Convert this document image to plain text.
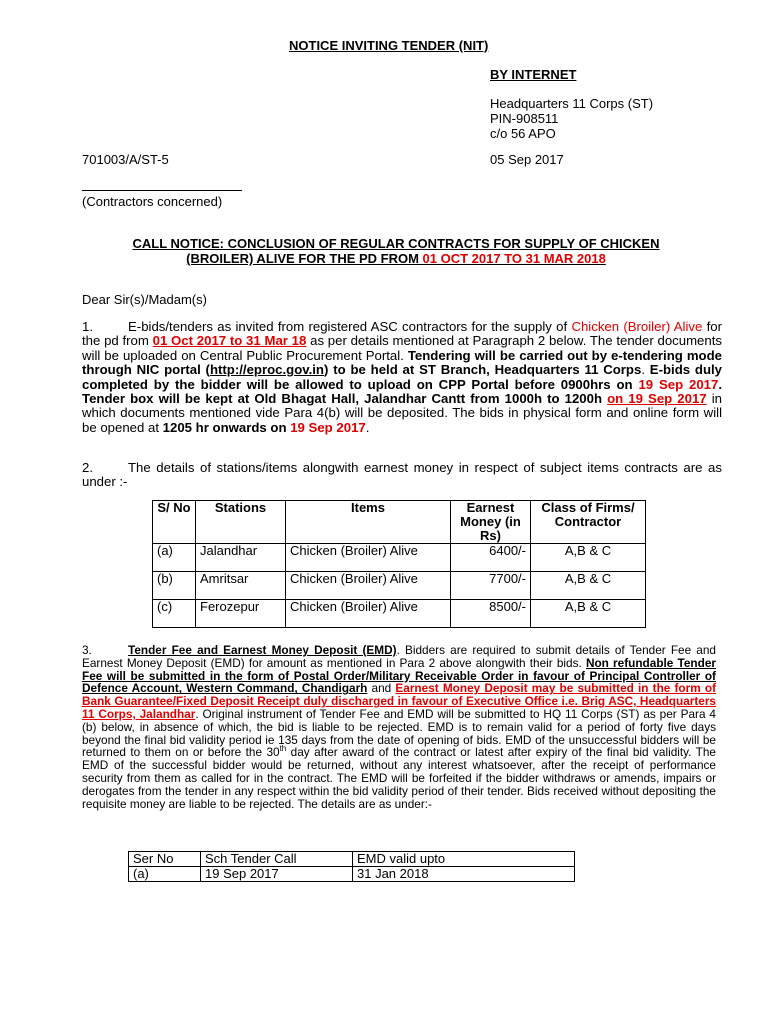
NOTICE INVITING TENDER (NIT)
BY INTERNET
Headquarters 11 Corps (ST)
PIN-908511
c/o 56 APO
701003/A/ST-5	05 Sep 2017
(Contractors concerned)
CALL NOTICE: CONCLUSION OF REGULAR CONTRACTS FOR SUPPLY OF CHICKEN
(BROILER) ALIVE FOR THE PD FROM 01 OCT 2017 TO 31 MAR 2018
Dear Sir(s)/Madam(s)
1.	E-bids/tenders as invited from registered ASC contractors for the supply of Chicken (Broiler) Alive for the pd from 01 Oct 2017 to 31 Mar 18 as per details mentioned at Paragraph 2 below. The tender documents will be uploaded on Central Public Procurement Portal. Tendering will be carried out by e-tendering mode through NIC portal (http://eproc.gov.in) to be held at ST Branch, Headquarters 11 Corps. E-bids duly completed by the bidder will be allowed to upload on CPP Portal before 0900hrs on 19 Sep 2017. Tender box will be kept at Old Bhagat Hall, Jalandhar Cantt from 1000h to 1200h on 19 Sep 2017 in which documents mentioned vide Para 4(b) will be deposited. The bids in physical form and online form will be opened at 1205 hr onwards on 19 Sep 2017.
2.	The details of stations/items alongwith earnest money in respect of subject items contracts are as under :-
S/ No	Stations	Items	Earnest Money (in Rs)	Class of Firms/ Contractor
(a)	Jalandhar	Chicken (Broiler) Alive	6400/-	A,B & C
(b)	Amritsar	Chicken (Broiler) Alive	7700/-	A,B & C
(c)	Ferozepur	Chicken (Broiler) Alive	8500/-	A,B & C
3.	Tender Fee and Earnest Money Deposit (EMD). Bidders are required to submit details of Tender Fee and Earnest Money Deposit (EMD) for amount as mentioned in Para 2 above alongwith their bids. Non refundable Tender Fee will be submitted in the form of Postal Order/Military Receivable Order in favour of Principal Controller of Defence Account, Western Command, Chandigarh and Earnest Money Deposit may be submitted in the form of Bank Guarantee/Fixed Deposit Receipt duly discharged in favour of Executive Office i.e. Brig ASC, Headquarters 11 Corps, Jalandhar. Original instrument of Tender Fee and EMD will be submitted to HQ 11 Corps (ST) as per Para 4 (b) below, in absence of which, the bid is liable to be rejected. EMD is to remain valid for a period of forty five days beyond the final bid validity period ie 135 days from the date of opening of bids. EMD of the unsuccessful bidders will be returned to them on or before the 30th day after award of the contract or latest after expiry of the final bid validity. The EMD of the successful bidder would be returned, without any interest whatsoever, after the receipt of performance security from them as called for in the contract. The EMD will be forfeited if the bidder withdraws or amends, impairs or derogates from the tender in any respect within the bid validity period of their tender. Bids received without depositing the requisite money are liable to be rejected. The details are as under:-
Ser No	Sch Tender Call	EMD valid upto
(a)	19 Sep 2017	31 Jan 2018
